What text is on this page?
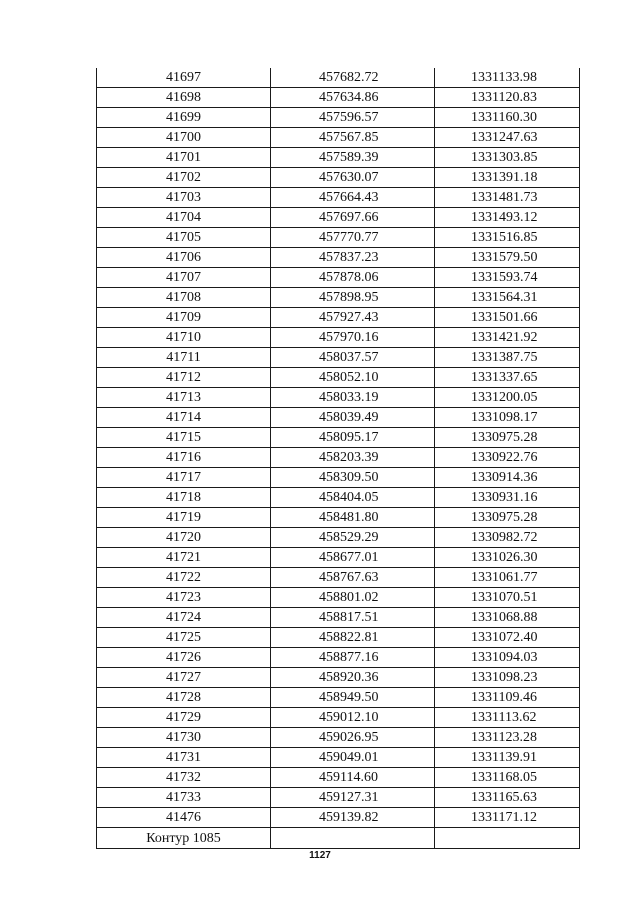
41697	457682.72	1331133.98
41698	457634.86	1331120.83
41699	457596.57	1331160.30
41700	457567.85	1331247.63
41701	457589.39	1331303.85
41702	457630.07	1331391.18
41703	457664.43	1331481.73
41704	457697.66	1331493.12
41705	457770.77	1331516.85
41706	457837.23	1331579.50
41707	457878.06	1331593.74
41708	457898.95	1331564.31
41709	457927.43	1331501.66
41710	457970.16	1331421.92
41711	458037.57	1331387.75
41712	458052.10	1331337.65
41713	458033.19	1331200.05
41714	458039.49	1331098.17
41715	458095.17	1330975.28
41716	458203.39	1330922.76
41717	458309.50	1330914.36
41718	458404.05	1330931.16
41719	458481.80	1330975.28
41720	458529.29	1330982.72
41721	458677.01	1331026.30
41722	458767.63	1331061.77
41723	458801.02	1331070.51
41724	458817.51	1331068.88
41725	458822.81	1331072.40
41726	458877.16	1331094.03
41727	458920.36	1331098.23
41728	458949.50	1331109.46
41729	459012.10	1331113.62
41730	459026.95	1331123.28
41731	459049.01	1331139.91
41732	459114.60	1331168.05
41733	459127.31	1331165.63
41476	459139.82	1331171.12
Контур 1085		
1127
